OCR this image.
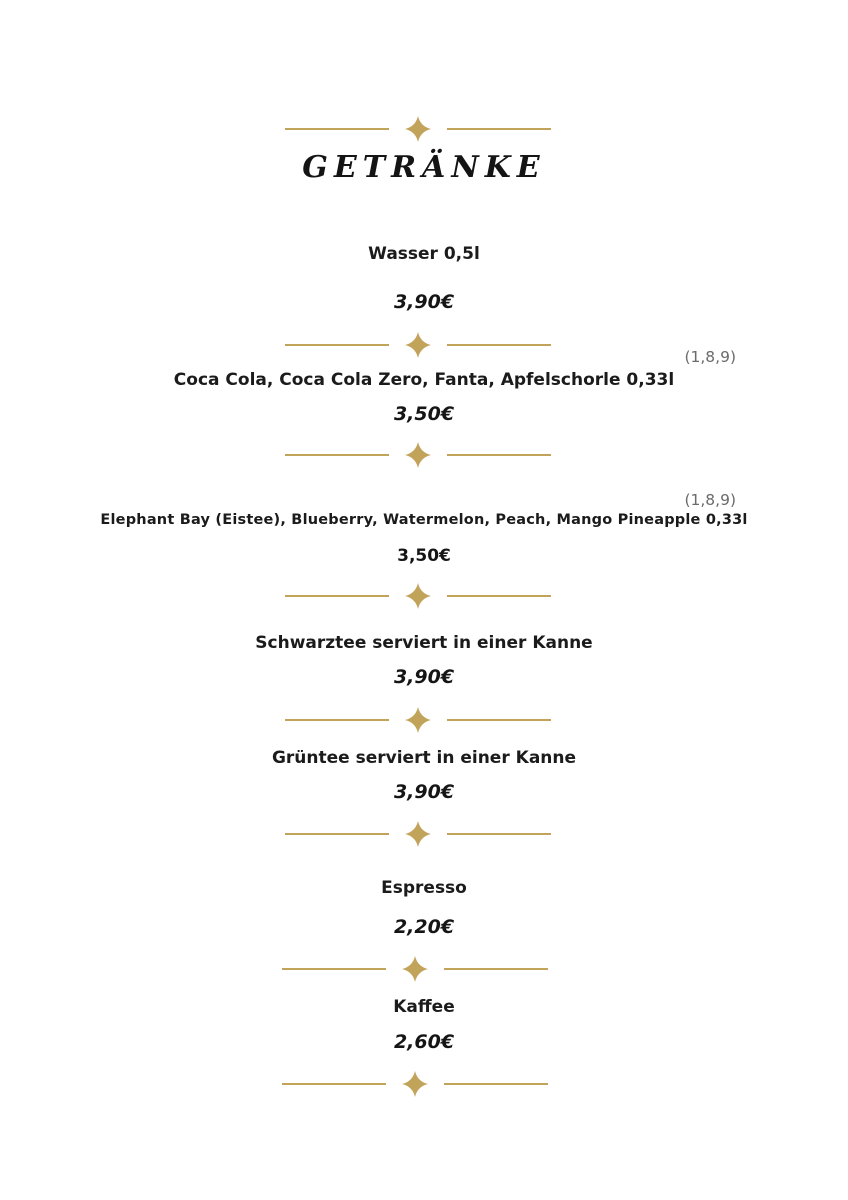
GETRÄNKE
Wasser 0,5l
3,90€
(1,8,9)
Coca Cola, Coca Cola Zero, Fanta, Apfelschorle 0,33l
3,50€
(1,8,9)
Elephant Bay (Eistee), Blueberry, Watermelon, Peach, Mango Pineapple 0,33l
3,50€
Schwarztee serviert in einer Kanne
3,90€
Grüntee serviert in einer Kanne
3,90€
Espresso
2,20€
Kaffee
2,60€
